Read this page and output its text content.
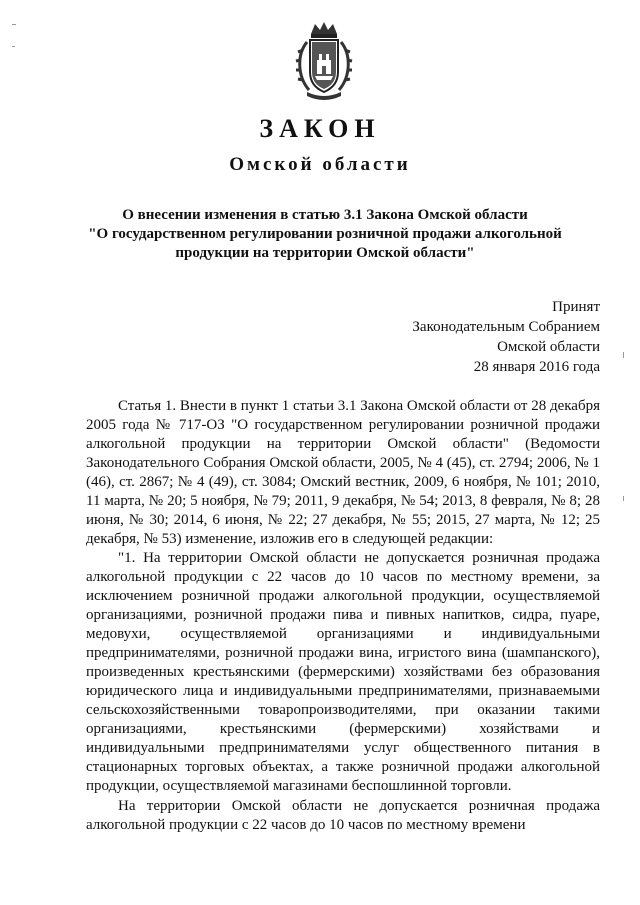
ЗАКОН
Омской области
О внесении изменения в статью 3.1 Закона Омской области
"О государственном регулировании розничной продажи алкогольной
продукции на территории Омской области"
Принят
Законодательным Собранием
Омской области
28 января 2016 года

Статья 1. Внести в пункт 1 статьи 3.1 Закона Омской области от 28 декабря 2005 года № 717-ОЗ "О государственном регулировании розничной продажи алкогольной продукции на территории Омской области" (Ведомости Законодательного Собрания Омской области, 2005, № 4 (45), ст. 2794; 2006, № 1 (46), ст. 2867; № 4 (49), ст. 3084; Омский вестник, 2009, 6 ноября, № 101; 2010, 11 марта, № 20; 5 ноября, № 79; 2011, 9 декабря, № 54; 2013, 8 февраля, № 8; 28 июня, № 30; 2014, 6 июня, № 22; 27 декабря, № 55; 2015, 27 марта, № 12; 25 декабря, № 53) изменение, изложив его в следующей редакции:

"1. На территории Омской области не допускается розничная продажа алкогольной продукции с 22 часов до 10 часов по местному времени, за исключением розничной продажи алкогольной продукции, осуществляемой организациями, розничной продажи пива и пивных напитков, сидра, пуаре, медовухи, осуществляемой организациями и индивидуальными предпринимателями, розничной продажи вина, игристого вина (шампанского), произведенных крестьянскими (фермерскими) хозяйствами без образования юридического лица и индивидуальными предпринимателями, признаваемыми сельскохозяйственными товаропроизводителями, при оказании такими организациями, крестьянскими (фермерскими) хозяйствами и индивидуальными предпринимателями услуг общественного питания в стационарных торговых объектах, а также розничной продажи алкогольной продукции, осуществляемой магазинами беспошлинной торговли.

На территории Омской области не допускается розничная продажа алкогольной продукции с 22 часов до 10 часов по местному времени
